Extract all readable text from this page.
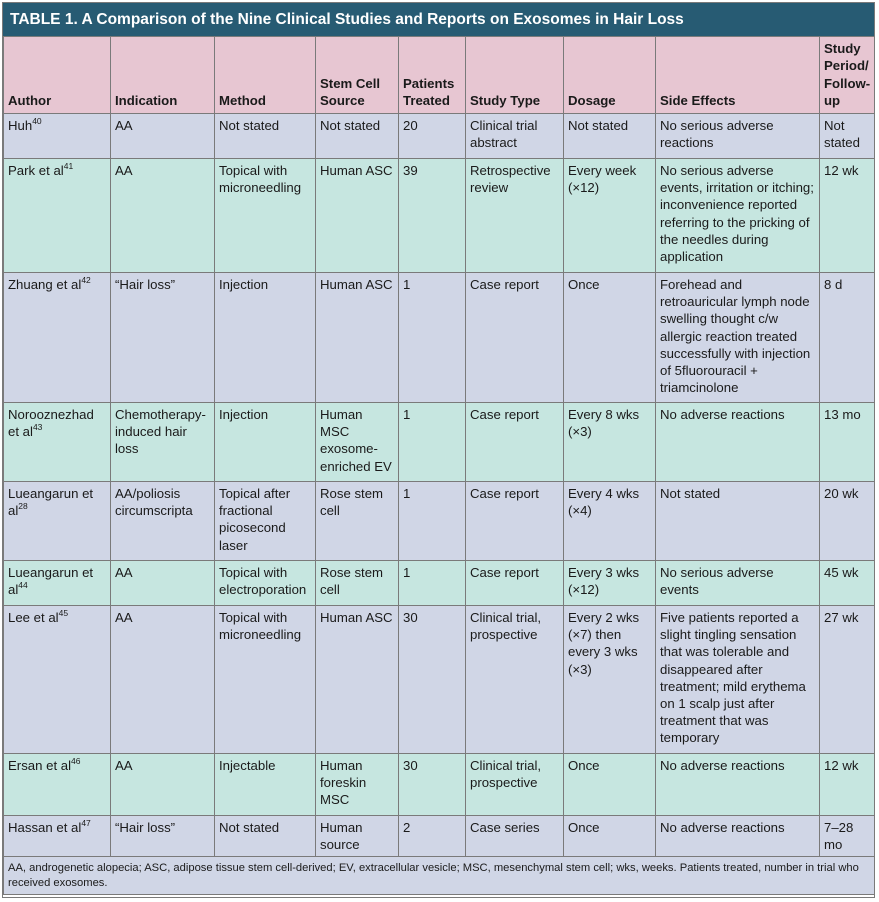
TABLE 1. A Comparison of the Nine Clinical Studies and Reports on Exosomes in Hair Loss
Author	Indication	Method	Stem Cell Source	Patients Treated	Study Type	Dosage	Side Effects	Study Period/ Follow-up
Huh$^{40}$	AA	Not stated	Not stated	20	Clinical trial abstract	Not stated	No serious adverse reactions	Not stated
Park et $al^{41}$	AA	Topical with microneedling	Human ASC	39	Retrospective review	Every week (×12)	No serious adverse events, irritation or itching; inconvenience reported referring to the pricking of the needles during application	12 wk
Zhuang et $al^{42}$	“Hair loss”	Injection	Human ASC	1	Case report	Once	Forehead and retroauricular lymph node swelling thought c/w allergic reaction treated successfully with injection of 5fluorouracil + triamcinolone	8 d
Norooznezhad et $al^{43}$	Chemotherapy-induced hair loss	Injection	Human MSC exosome-enriched EV	1	Case report	Every 8 wks (×3)	No adverse reactions	13 mo
Lueangarun et $al^{28}$	AA/poliosis circumscripta	Topical after fractional picosecond laser	Rose stem cell	1	Case report	Every 4 wks (×4)	Not stated	20 wk
Lueangarun et $al^{44}$	AA	Topical with electroporation	Rose stem cell	1	Case report	Every 3 wks (×12)	No serious adverse events	45 wk
Lee et $al^{45}$	AA	Topical with microneedling	Human ASC	30	Clinical trial, prospective	Every 2 wks (×7) then every 3 wks (×3)	Five patients reported a slight tingling sensation that was tolerable and disappeared after treatment; mild erythema on 1 scalp just after treatment that was temporary	27 wk
Ersan et $al^{46}$	AA	Injectable	Human foreskin MSC	30	Clinical trial, prospective	Once	No adverse reactions	12 wk
Hassan et $al^{47}$	“Hair loss”	Not stated	Human source	2	Case series	Once	No adverse reactions	7–28 mo
AA, androgenetic alopecia; ASC, adipose tissue stem cell-derived; EV, extracellular vesicle; MSC, mesenchymal stem cell; wks, weeks. Patients treated, number in trial who received exosomes.								
